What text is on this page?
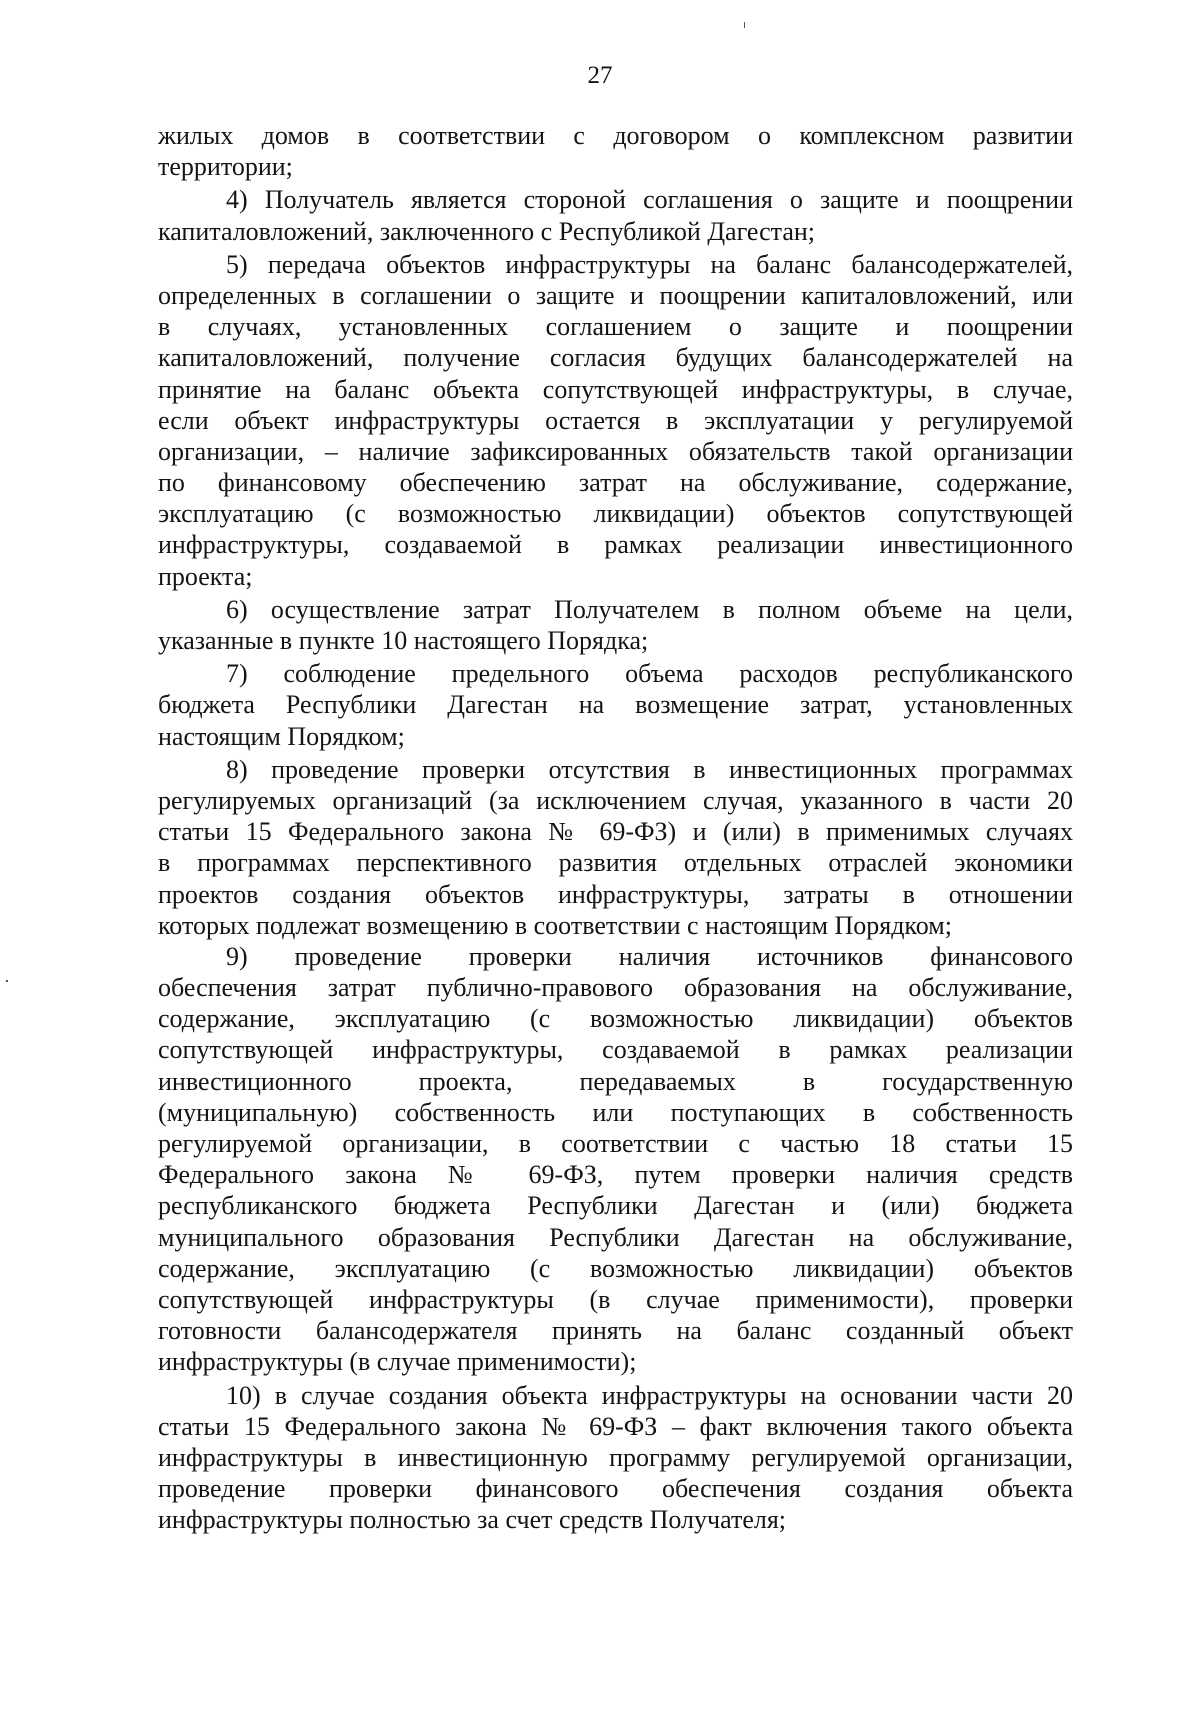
27
жилых домов в соответствии с договором о комплексном развитии
территории;
4) Получатель является стороной соглашения о защите и поощрении
капиталовложений, заключенного с Республикой Дагестан;
5) передача объектов инфраструктуры на баланс балансодержателей,
определенных в соглашении о защите и поощрении капиталовложений, или
в случаях, установленных соглашением о защите и поощрении
капиталовложений, получение согласия будущих балансодержателей на
принятие на баланс объекта сопутствующей инфраструктуры, в случае,
если объект инфраструктуры остается в эксплуатации у регулируемой
организации, – наличие зафиксированных обязательств такой организации
по финансовому обеспечению затрат на обслуживание, содержание,
эксплуатацию (с возможностью ликвидации) объектов сопутствующей
инфраструктуры, создаваемой в рамках реализации инвестиционного
проекта;
6) осуществление затрат Получателем в полном объеме на цели,
указанные в пункте 10 настоящего Порядка;
7) соблюдение предельного объема расходов республиканского
бюджета Республики Дагестан на возмещение затрат, установленных
настоящим Порядком;
8) проведение проверки отсутствия в инвестиционных программах
регулируемых организаций (за исключением случая, указанного в части 20
статьи 15 Федерального закона № 69-ФЗ) и (или) в применимых случаях
в программах перспективного развития отдельных отраслей экономики
проектов создания объектов инфраструктуры, затраты в отношении
которых подлежат возмещению в соответствии с настоящим Порядком;
9) проведение проверки наличия источников финансового
обеспечения затрат публично-правового образования на обслуживание,
содержание, эксплуатацию (с возможностью ликвидации) объектов
сопутствующей инфраструктуры, создаваемой в рамках реализации
инвестиционного проекта, передаваемых в государственную
(муниципальную) собственность или поступающих в собственность
регулируемой организации, в соответствии с частью 18 статьи 15
Федерального закона № 69-ФЗ, путем проверки наличия средств
республиканского бюджета Республики Дагестан и (или) бюджета
муниципального образования Республики Дагестан на обслуживание,
содержание, эксплуатацию (с возможностью ликвидации) объектов
сопутствующей инфраструктуры (в случае применимости), проверки
готовности балансодержателя принять на баланс созданный объект
инфраструктуры (в случае применимости);
10) в случае создания объекта инфраструктуры на основании части 20
статьи 15 Федерального закона № 69-ФЗ – факт включения такого объекта
инфраструктуры в инвестиционную программу регулируемой организации,
проведение проверки финансового обеспечения создания объекта
инфраструктуры полностью за счет средств Получателя;
